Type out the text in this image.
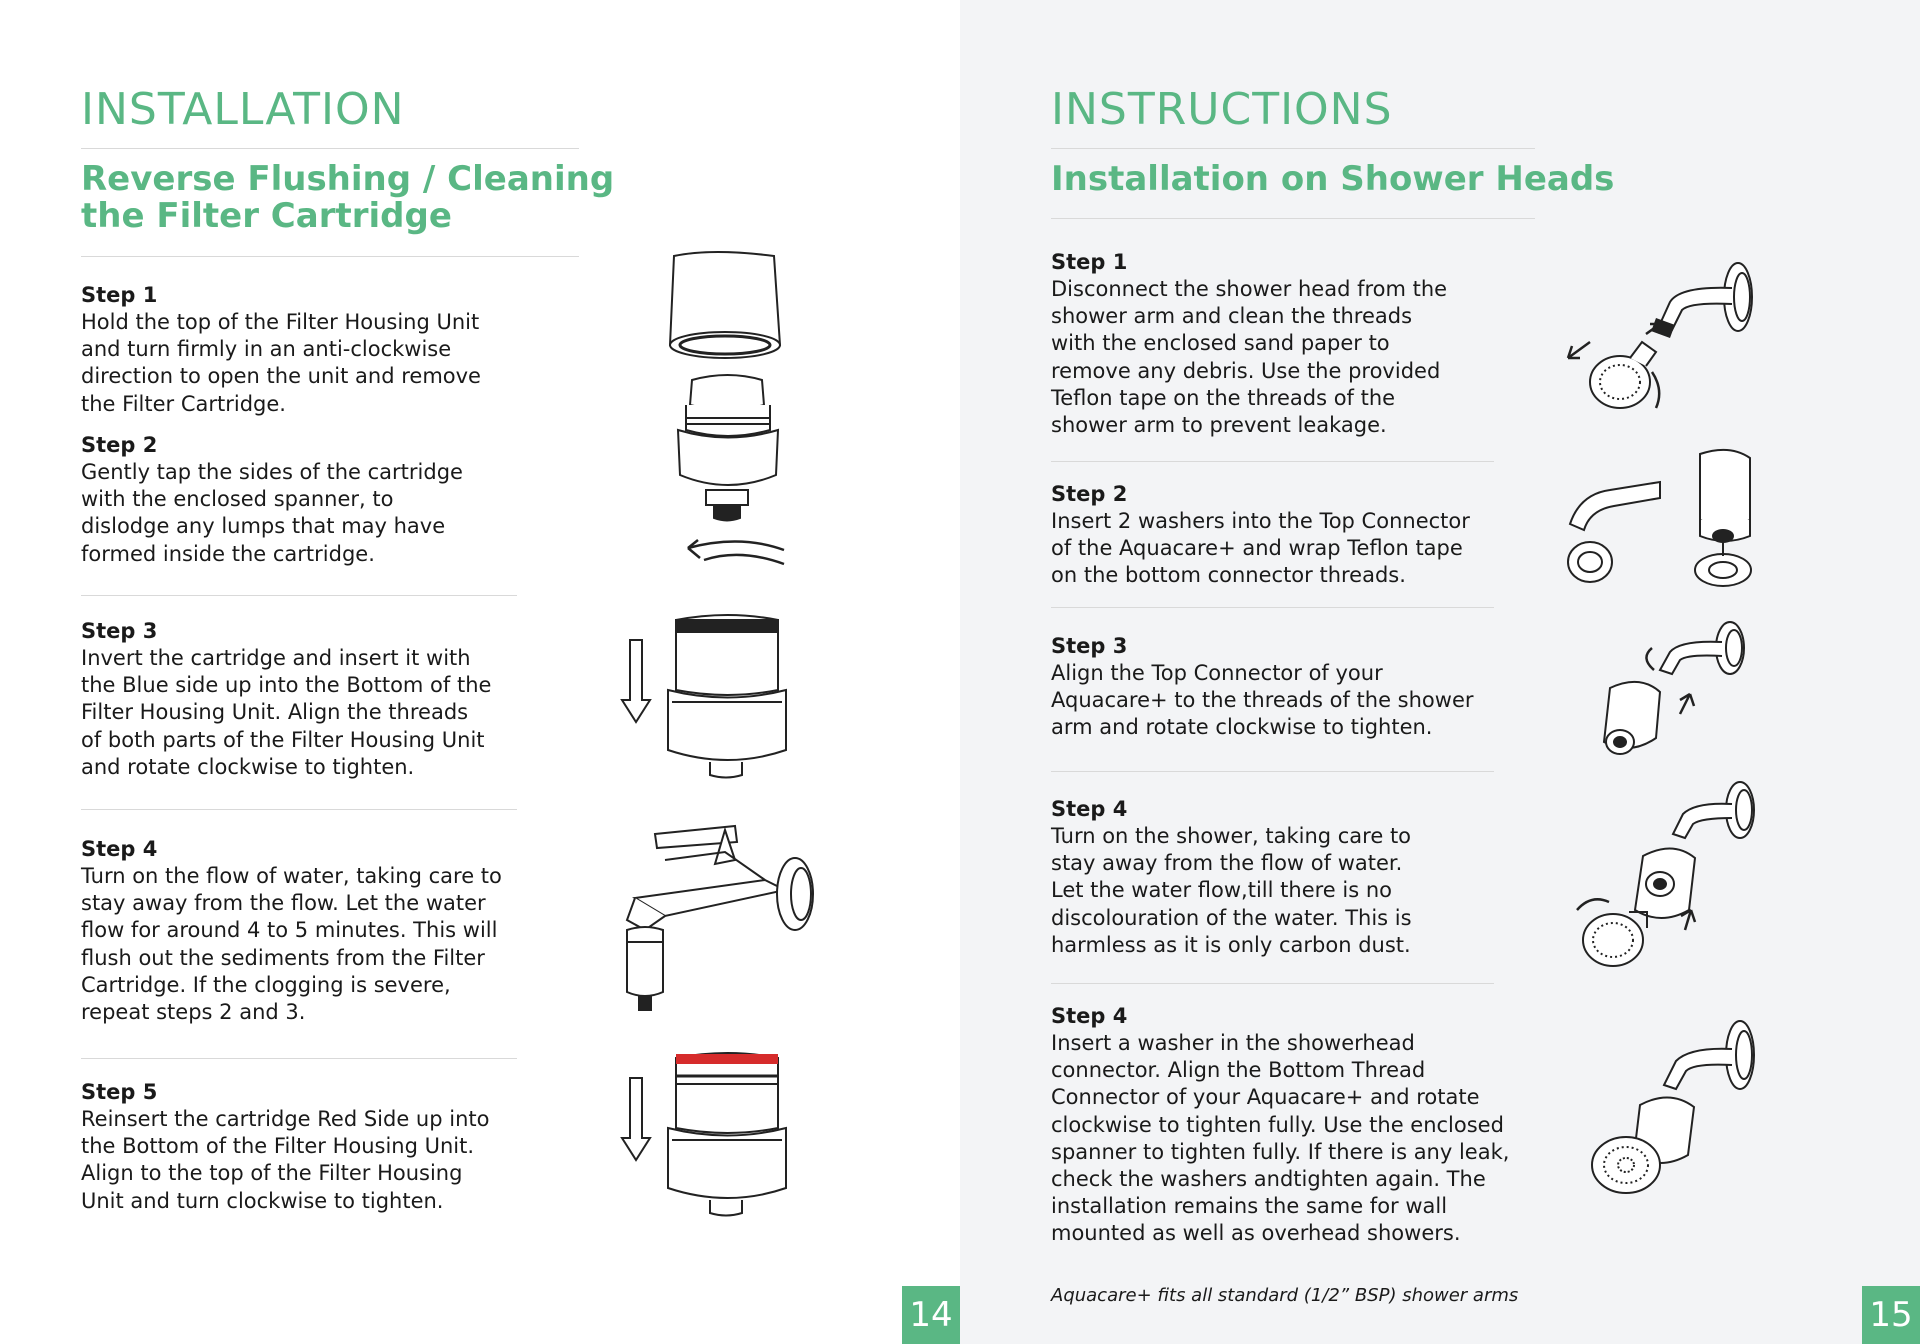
INSTALLATION
Reverse Flushing / Cleaning
the Filter Cartridge
Step 1
Hold the top of the Filter Housing Unit
and turn firmly in an anti-clockwise
direction to open the unit and remove
the Filter Cartridge.
Step 2
Gently tap the sides of the cartridge
with the enclosed spanner, to
dislodge any lumps that may have
formed inside the cartridge.
Step 3
Invert the cartridge and insert it with
the Blue side up into the Bottom of the
Filter Housing Unit. Align the threads
of both parts of the Filter Housing Unit
and rotate clockwise to tighten.
Step 4
Turn on the flow of water, taking care to
stay away from the flow. Let the water
flow for around 4 to 5 minutes. This will
flush out the sediments from the Filter
Cartridge. If the clogging is severe,
repeat steps 2 and 3.
Step 5
Reinsert the cartridge Red Side up into
the Bottom of the Filter Housing Unit.
Align to the top of the Filter Housing
Unit and turn clockwise to tighten.
14
INSTRUCTIONS
Installation on Shower Heads
Step 1
Disconnect the shower head from the
shower arm and clean the threads
with the enclosed sand paper to
remove any debris. Use the provided
Teflon tape on the threads of the
shower arm to prevent leakage.
Step 2
Insert 2 washers into the Top Connector
of the Aquacare+ and wrap Teflon tape
on the bottom connector threads.
Step 3
Align the Top Connector of your
Aquacare+ to the threads of the shower
arm and rotate clockwise to tighten.
Step 4
Turn on the shower, taking care to
stay away from the flow of water.
Let the water flow,till there is no
discolouration of the water. This is
harmless as it is only carbon dust.
Step 4
Insert a washer in the showerhead
connector. Align the Bottom Thread
Connector of your Aquacare+ and rotate
clockwise to tighten fully. Use the enclosed
spanner to tighten fully. If there is any leak,
check the washers andtighten again. The
installation remains the same for wall
mounted as well as overhead showers.
Aquacare+ fits all standard (1/2” BSP) shower arms	15
